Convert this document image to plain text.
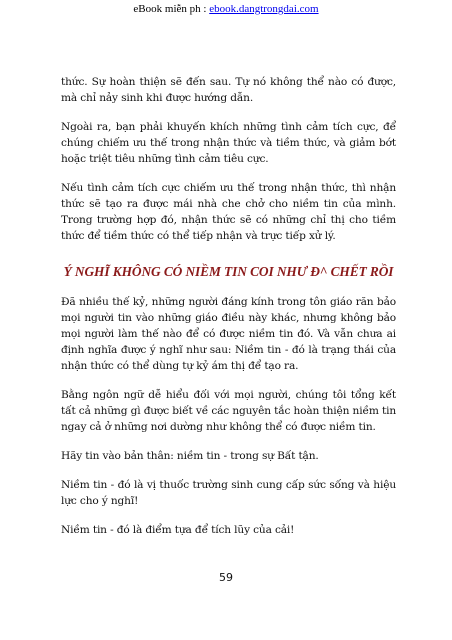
eBook miễn ph : ebook.dangtrongdai.com

thức. Sự hoàn thiện sẽ đến sau. Tự nó không thể nào có được, mà chỉ nảy sinh khi được hướng dẫn.

Ngoài ra, bạn phải khuyến khích những tình cảm tích cực, để chúng chiếm ưu thế trong nhận thức và tiềm thức, và giảm bớt hoặc triệt tiêu những tình cảm tiêu cực.

Nếu tình cảm tích cực chiếm ưu thế trong nhận thức, thì nhận thức sẽ tạo ra được mái nhà che chở cho niềm tin của mình. Trong trường hợp đó, nhận thức sẽ có những chỉ thị cho tiềm thức để tiềm thức có thể tiếp nhận và trực tiếp xử lý.

Ý NGHĨ KHÔNG CÓ NIỀM TIN COI NHƯ Đ^ CHẾT RỒI

Đã nhiều thế kỷ, những người đáng kính trong tôn giáo răn bảo mọi người tin vào những giáo điều này khác, nhưng không bảo mọi người làm thế nào để có được niềm tin đó. Và vẫn chưa ai định nghĩa được ý nghĩ như sau: Niềm tin - đó là trạng thái của nhận thức có thể dùng tự kỷ ám thị để tạo ra.

Bằng ngôn ngữ dễ hiểu đối với mọi người, chúng tôi tổng kết tất cả những gì được biết về các nguyên tắc hoàn thiện niềm tin ngay cả ở những nơi dường như không thể có được niềm tin.

Hãy tin vào bản thân: niềm tin - trong sự Bất tận.

Niềm tin - đó là vị thuốc trường sinh cung cấp sức sống và hiệu lực cho ý nghĩ!

Niềm tin - đó là điểm tựa để tích lũy của cải!

59
